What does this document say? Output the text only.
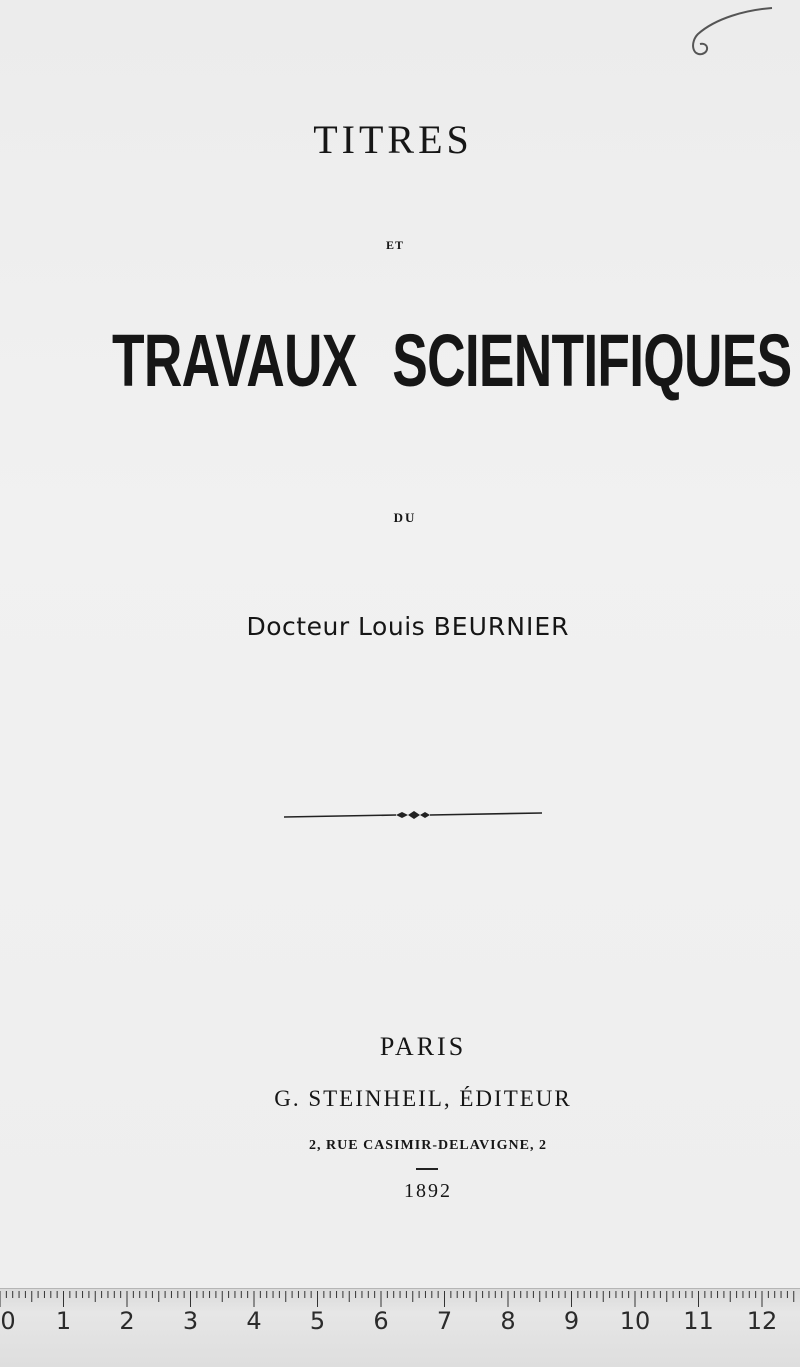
TITRES
ET
TRAVAUX SCIENTIFIQUES
DU
Docteur Louis BEURNIER
PARIS
G. STEINHEIL, ÉDITEUR
2, RUE CASIMIR-DELAVIGNE, 2
1892
0 1 2 3 4 5 6 7 8 9 10 11 12
